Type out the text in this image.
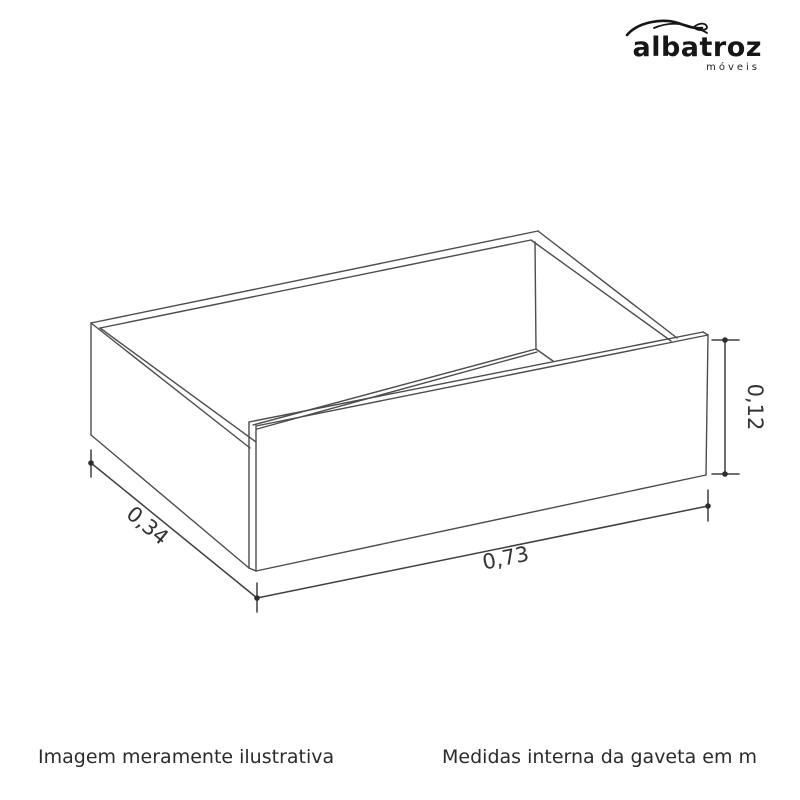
albatroz
móveis
0,34
0,73
0,12
Imagem meramente ilustrativa	Medidas interna da gaveta em m
